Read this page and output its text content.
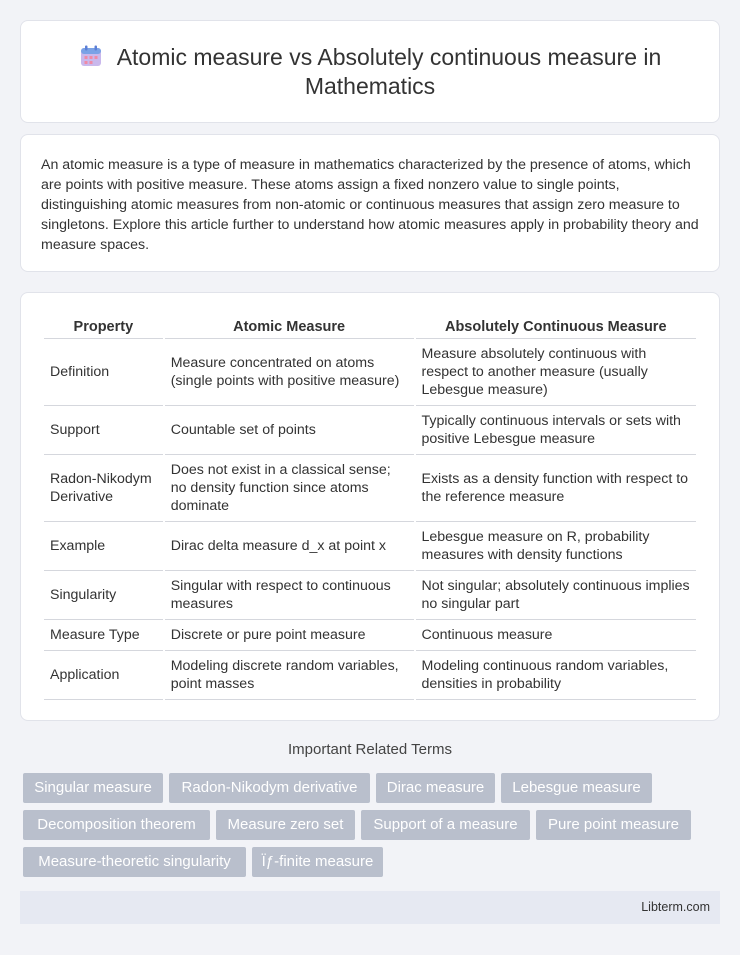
Atomic measure vs Absolutely continuous measure in Mathematics

An atomic measure is a type of measure in mathematics characterized by the presence of atoms, which are points with positive measure. These atoms assign a fixed nonzero value to single points, distinguishing atomic measures from non-atomic or continuous measures that assign zero measure to singletons. Explore this article further to understand how atomic measures apply in probability theory and measure spaces.

Property	Atomic Measure	Absolutely Continuous Measure
Definition	Measure concentrated on atoms (single points with positive measure)	Measure absolutely continuous with respect to another measure (usually Lebesgue measure)
Support	Countable set of points	Typically continuous intervals or sets with positive Lebesgue measure
Radon-Nikodym Derivative	Does not exist in a classical sense; no density function since atoms dominate	Exists as a density function with respect to the reference measure
Example	Dirac delta measure d_x at point x	Lebesgue measure on R, probability measures with density functions
Singularity	Singular with respect to continuous measures	Not singular; absolutely continuous implies no singular part
Measure Type	Discrete or pure point measure	Continuous measure
Application	Modeling discrete random variables, point masses	Modeling continuous random variables, densities in probability
Important Related Terms
Singular measure	Radon-Nikodym derivative	Dirac measure	Lebesgue measure
Decomposition theorem	Measure zero set	Support of a measure	Pure point measure
Measure-theoretic singularity	Ïƒ-finite measure
Libterm.com
